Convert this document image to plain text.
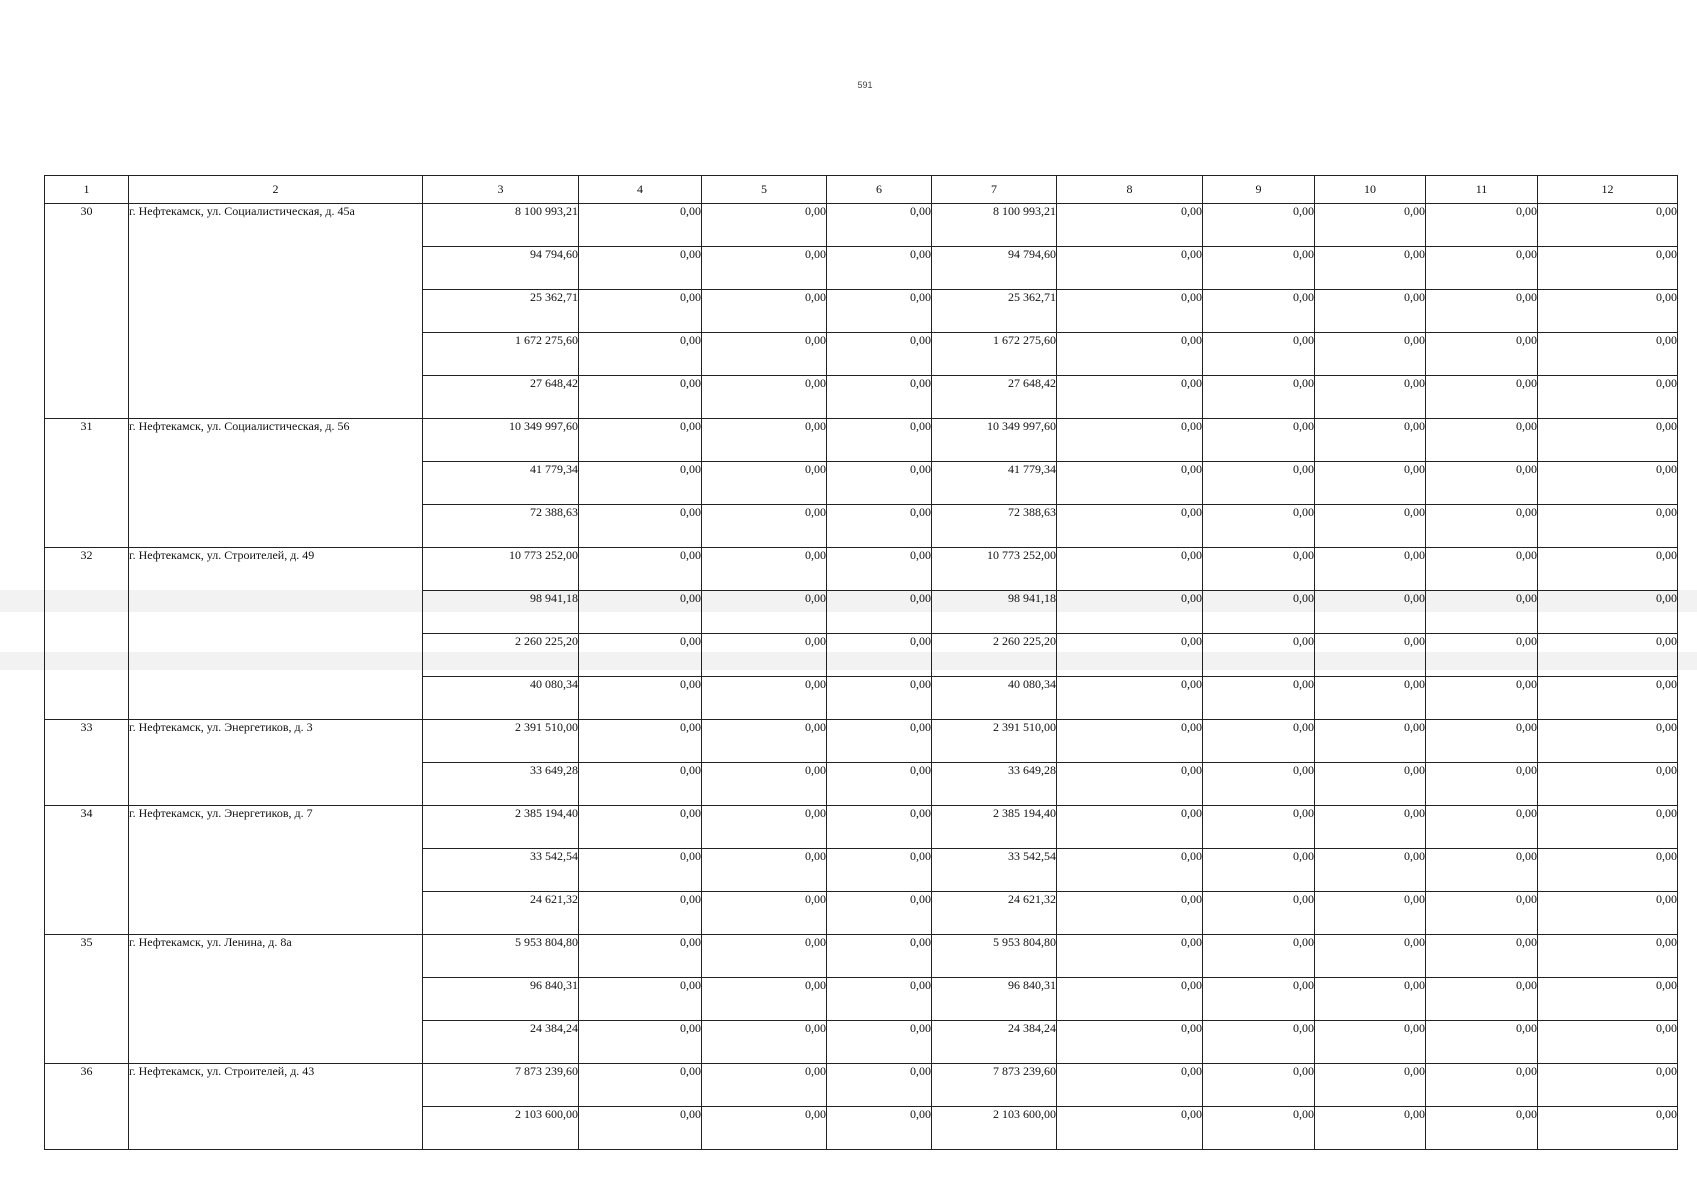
591
1	2	3	4	5	6	7	8	9	10	11	12
30	г. Нефтекамск, ул. Социалистическая, д. 45а	8 100 993,21	0,00	0,00	0,00	8 100 993,21	0,00	0,00	0,00	0,00	0,00
		94 794,60	0,00	0,00	0,00	94 794,60	0,00	0,00	0,00	0,00	0,00
		25 362,71	0,00	0,00	0,00	25 362,71	0,00	0,00	0,00	0,00	0,00
		1 672 275,60	0,00	0,00	0,00	1 672 275,60	0,00	0,00	0,00	0,00	0,00
		27 648,42	0,00	0,00	0,00	27 648,42	0,00	0,00	0,00	0,00	0,00
31	г. Нефтекамск, ул. Социалистическая, д. 56	10 349 997,60	0,00	0,00	0,00	10 349 997,60	0,00	0,00	0,00	0,00	0,00
		41 779,34	0,00	0,00	0,00	41 779,34	0,00	0,00	0,00	0,00	0,00
		72 388,63	0,00	0,00	0,00	72 388,63	0,00	0,00	0,00	0,00	0,00
32	г. Нефтекамск, ул. Строителей, д. 49	10 773 252,00	0,00	0,00	0,00	10 773 252,00	0,00	0,00	0,00	0,00	0,00
		98 941,18	0,00	0,00	0,00	98 941,18	0,00	0,00	0,00	0,00	0,00
		2 260 225,20	0,00	0,00	0,00	2 260 225,20	0,00	0,00	0,00	0,00	0,00
		40 080,34	0,00	0,00	0,00	40 080,34	0,00	0,00	0,00	0,00	0,00
33	г. Нефтекамск, ул. Энергетиков, д. 3	2 391 510,00	0,00	0,00	0,00	2 391 510,00	0,00	0,00	0,00	0,00	0,00
		33 649,28	0,00	0,00	0,00	33 649,28	0,00	0,00	0,00	0,00	0,00
34	г. Нефтекамск, ул. Энергетиков, д. 7	2 385 194,40	0,00	0,00	0,00	2 385 194,40	0,00	0,00	0,00	0,00	0,00
		33 542,54	0,00	0,00	0,00	33 542,54	0,00	0,00	0,00	0,00	0,00
		24 621,32	0,00	0,00	0,00	24 621,32	0,00	0,00	0,00	0,00	0,00
35	г. Нефтекамск, ул. Ленина, д. 8а	5 953 804,80	0,00	0,00	0,00	5 953 804,80	0,00	0,00	0,00	0,00	0,00
		96 840,31	0,00	0,00	0,00	96 840,31	0,00	0,00	0,00	0,00	0,00
		24 384,24	0,00	0,00	0,00	24 384,24	0,00	0,00	0,00	0,00	0,00
36	г. Нефтекамск, ул. Строителей, д. 43	7 873 239,60	0,00	0,00	0,00	7 873 239,60	0,00	0,00	0,00	0,00	0,00
		2 103 600,00	0,00	0,00	0,00	2 103 600,00	0,00	0,00	0,00	0,00	0,00
